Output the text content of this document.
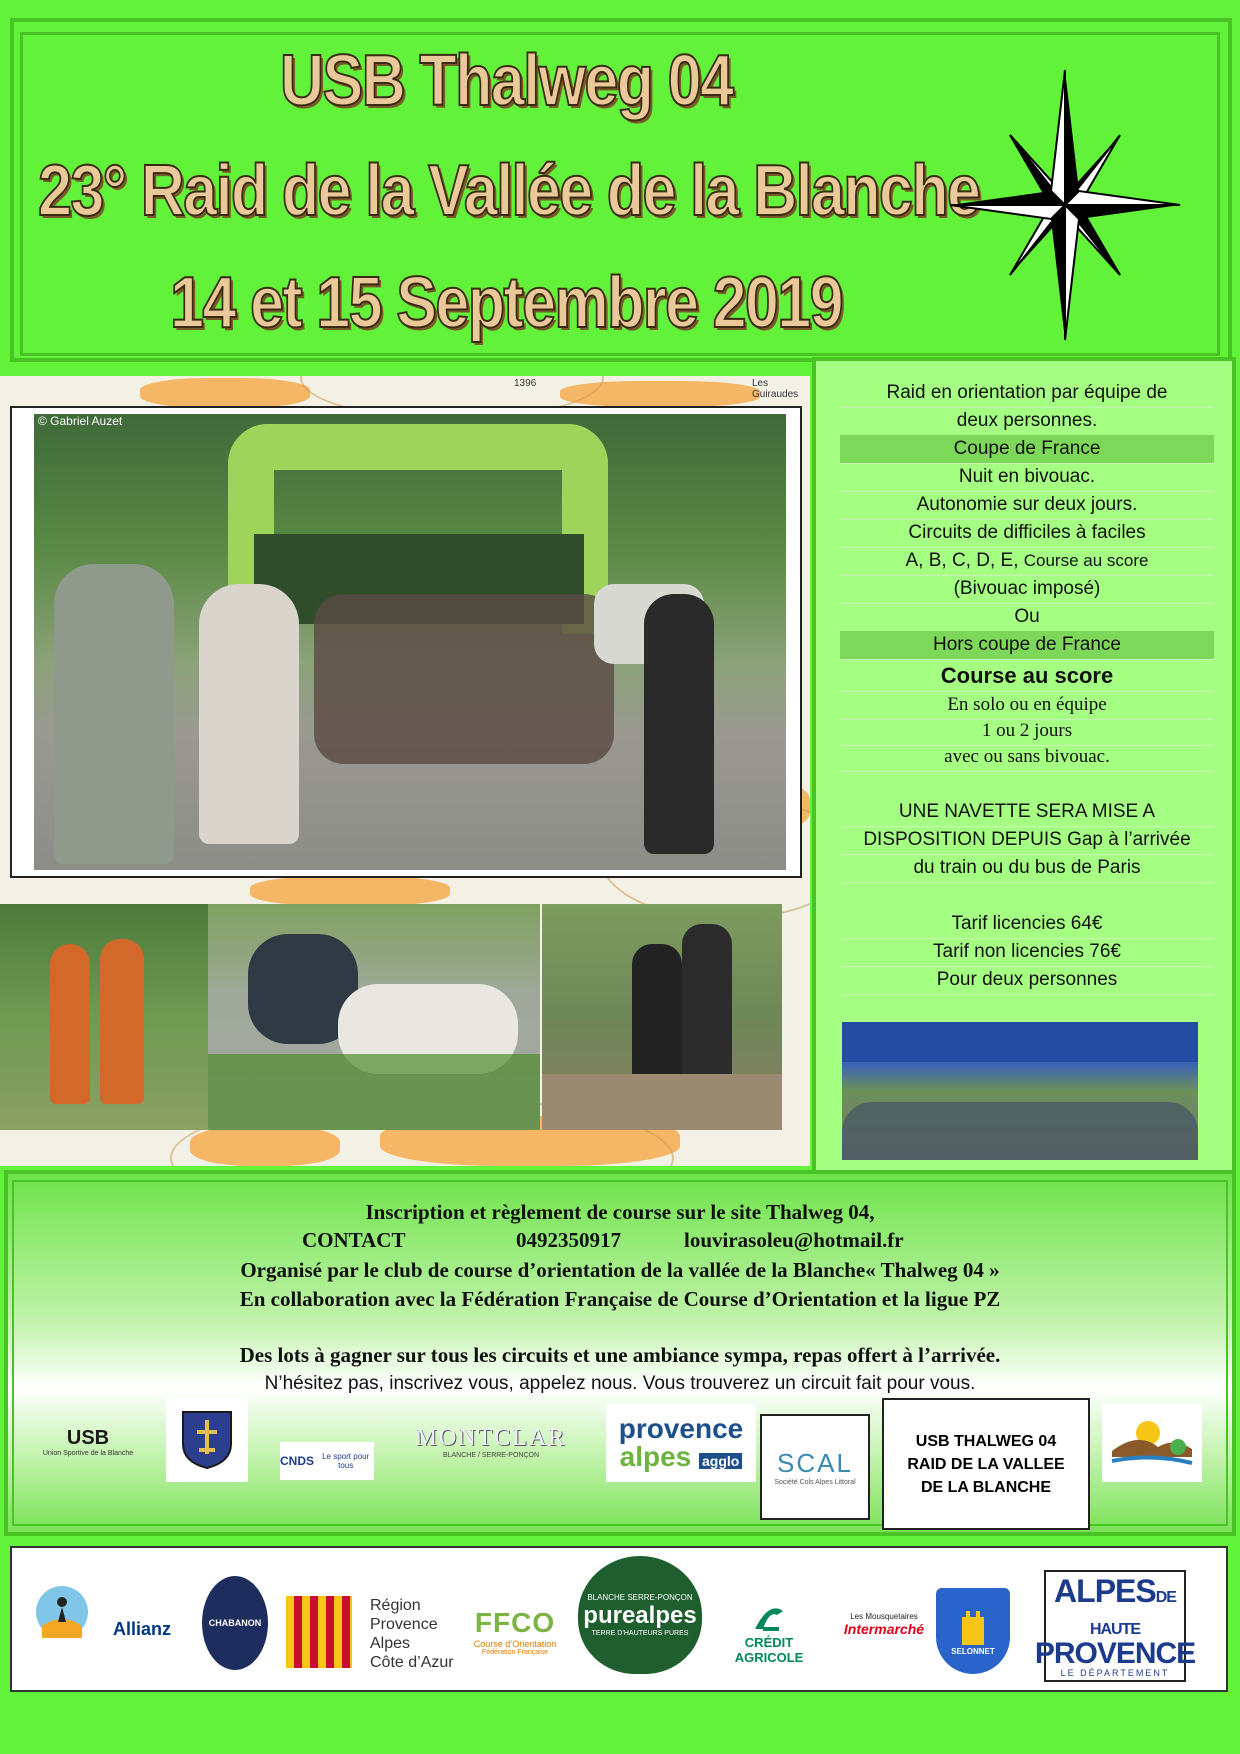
USB Thalweg 04
23° Raid de la Vallée de la Blanche
14 et 15 Septembre 2019
1396	Les Guiraudes
© Gabriel Auzet
Raid en orientation par équipe de
deux personnes.
Coupe de France
Nuit en bivouac.
Autonomie sur deux jours.
Circuits de difficiles à faciles
A, B, C, D, E, Course au score
(Bivouac imposé)
Ou
Hors coupe de France
Course au score
En solo ou en équipe
1 ou 2 jours
avec ou sans bivouac.
UNE NAVETTE SERA MISE A
DISPOSITION DEPUIS Gap à l’arrivée
du train ou du bus de Paris
Tarif licencies 64€
Tarif non licencies 76€
Pour deux personnes
Inscription et règlement de course sur le site Thalweg 04,
CONTACT	0492350917	louvirasoleu@hotmail.fr
Organisé par le club de course d’orientation de la vallée de la Blanche« Thalweg 04 »
En collaboration avec la Fédération Française de Course d’Orientation et la ligue PZ
Des lots à gagner sur tous les circuits et une ambiance sympa, repas offert à l’arrivée.
N’hésitez pas, inscrivez vous, appelez nous. Vous trouverez un circuit fait pour vous.
USB
Union Sportive de la Blanche
CNDS
	Le sport pour tous
MONTCLAR
BLANCHE / SERRE-PONÇON
provence
alpes agglo SCAL
Société Cols Alpes Littoral
USB THALWEG 04 RAID DE LA VALLEE DE LA BLANCHE
Allianz	CHABANON
Région
Provence
Alpes
Côte d’Azur
FFCO
Course d’Orientation
Fédération Française
BLANCHE SERRE-PONÇON
purealpes
TERRE D’HAUTEURS PURES
CRÉDIT AGRICOLE
Les Mousquetaires
Intermarché
SELONNET
ALPESDE HAUTE
PROVENCE
LE DÉPARTEMENT
